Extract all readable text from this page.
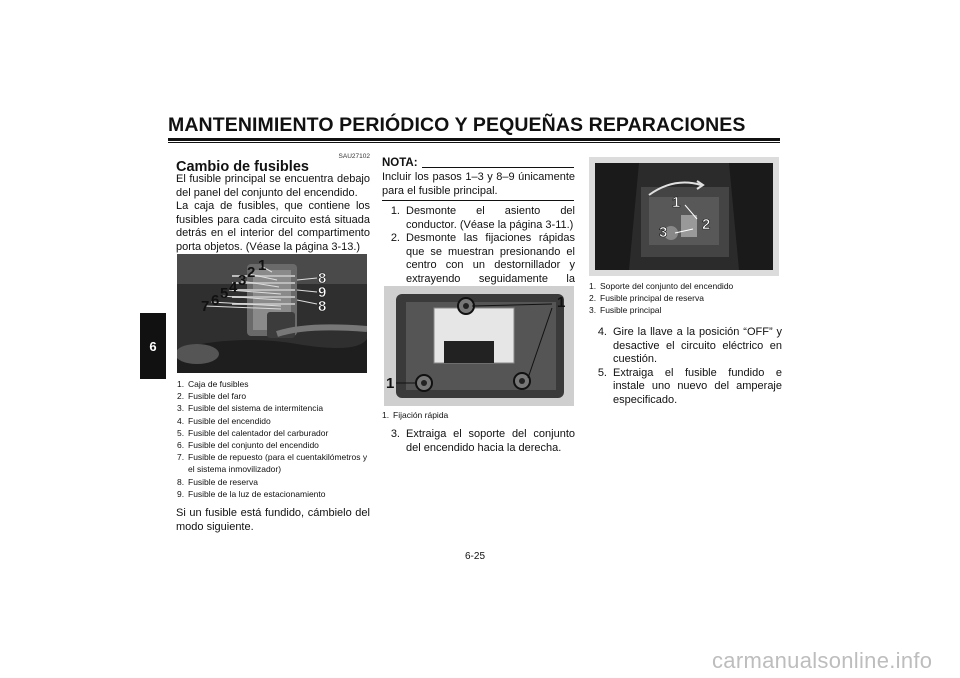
MANTENIMIENTO PERIÓDICO Y PEQUEÑAS REPARACIONES
6
SAU27102
Cambio de fusibles
El fusible principal se encuentra debajo del panel del conjunto del encendido.
La caja de fusibles, que contiene los fusibles para cada circuito está situada detrás en el interior del compartimento porta objetos. (Véase la página 3-13.)
1
2
3
4
5
6
7
8
9
8
1. Caja de fusibles
2. Fusible del faro
3. Fusible del sistema de intermitencia
4. Fusible del encendido
5. Fusible del calentador del carburador
6. Fusible del conjunto del encendido
7. Fusible de repuesto (para el cuentakilómetros y el sistema inmovilizador)
8. Fusible de reserva
9. Fusible de la luz de estacionamiento
Si un fusible está fundido, cámbielo del modo siguiente.
NOTA:
Incluir los pasos 1–3 y 8–9 únicamente para el fusible principal.
1. Desmonte el asiento del conductor. (Véase la página 3-11.)
2. Desmonte las fijaciones rápidas que se muestran presionando el centro con un destornillador y extrayendo seguidamente la
1
1
1. Fijación rápida
3. Extraiga el soporte del conjunto del encendido hacia la derecha.
1
2
3
1. Soporte del conjunto del encendido
2. Fusible principal de reserva
3. Fusible principal
4. Gire la llave a la posición “OFF” y desactive el circuito eléctrico en cuestión.
5. Extraiga el fusible fundido e instale uno nuevo del amperaje especificado.
6-25
carmanualsonline.info
